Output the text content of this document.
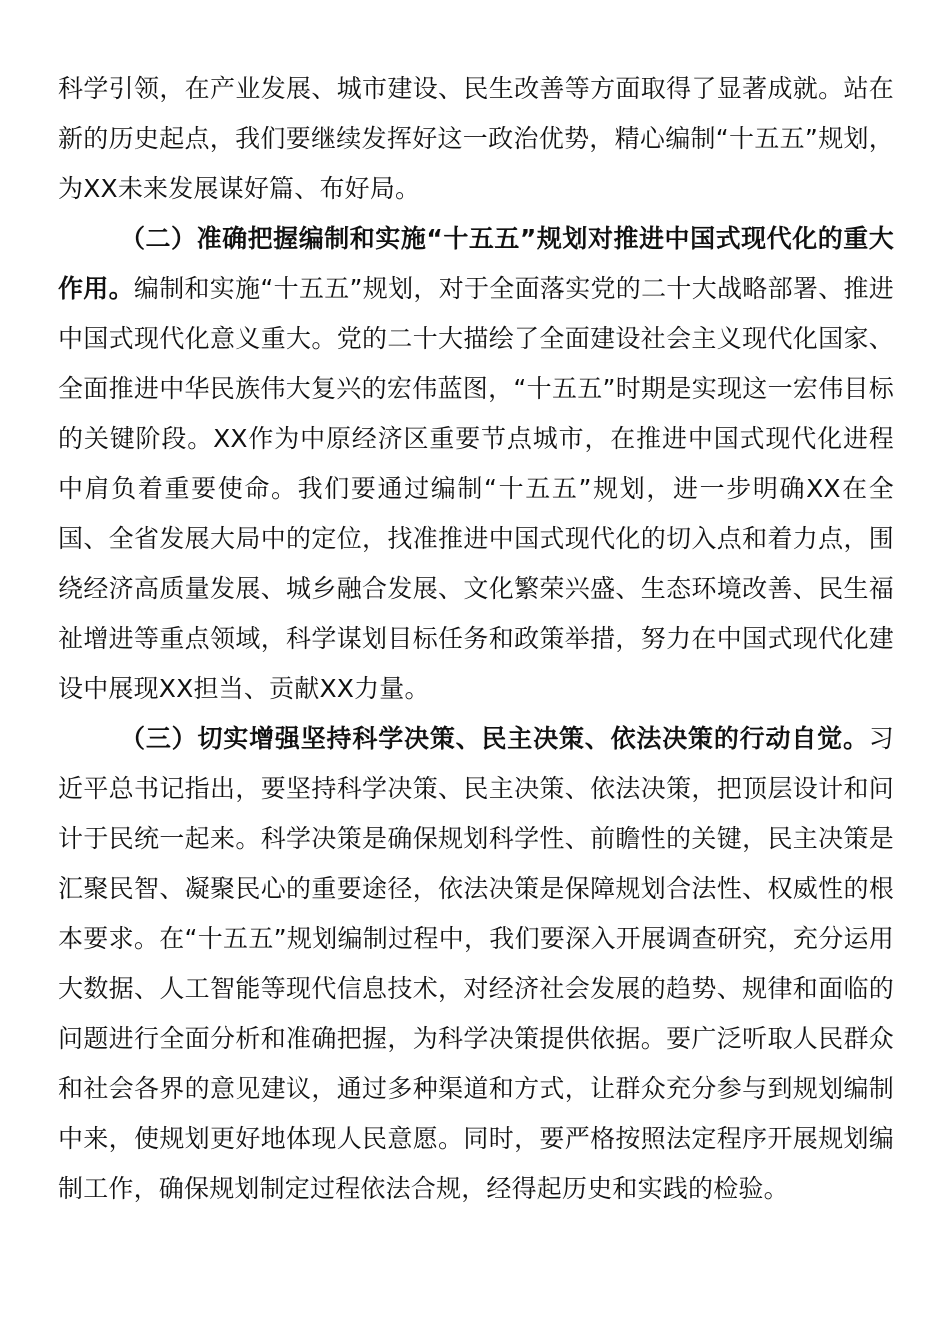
科学引领，在产业发展、城市建设、民生改善等方面取得了显著成就。站在新的历史起点，我们要继续发挥好这一政治优势，精心编制“十五五”规划，为XX未来发展谋好篇、布好局。

（二）准确把握编制和实施“十五五”规划对推进中国式现代化的重大作用。编制和实施“十五五”规划，对于全面落实党的二十大战略部署、推进中国式现代化意义重大。党的二十大描绘了全面建设社会主义现代化国家、全面推进中华民族伟大复兴的宏伟蓝图，“十五五”时期是实现这一宏伟目标的关键阶段。XX作为中原经济区重要节点城市，在推进中国式现代化进程中肩负着重要使命。我们要通过编制“十五五”规划，进一步明确XX在全国、全省发展大局中的定位，找准推进中国式现代化的切入点和着力点，围绕经济高质量发展、城乡融合发展、文化繁荣兴盛、生态环境改善、民生福祉增进等重点领域，科学谋划目标任务和政策举措，努力在中国式现代化建设中展现XX担当、贡献XX力量。

（三）切实增强坚持科学决策、民主决策、依法决策的行动自觉。习近平总书记指出，要坚持科学决策、民主决策、依法决策，把顶层设计和问计于民统一起来。科学决策是确保规划科学性、前瞻性的关键，民主决策是汇聚民智、凝聚民心的重要途径，依法决策是保障规划合法性、权威性的根本要求。在“十五五”规划编制过程中，我们要深入开展调查研究，充分运用大数据、人工智能等现代信息技术，对经济社会发展的趋势、规律和面临的问题进行全面分析和准确把握，为科学决策提供依据。要广泛听取人民群众和社会各界的意见建议，通过多种渠道和方式，让群众充分参与到规划编制中来，使规划更好地体现人民意愿。同时，要严格按照法定程序开展规划编制工作，确保规划制定过程依法合规，经得起历史和实践的检验。
